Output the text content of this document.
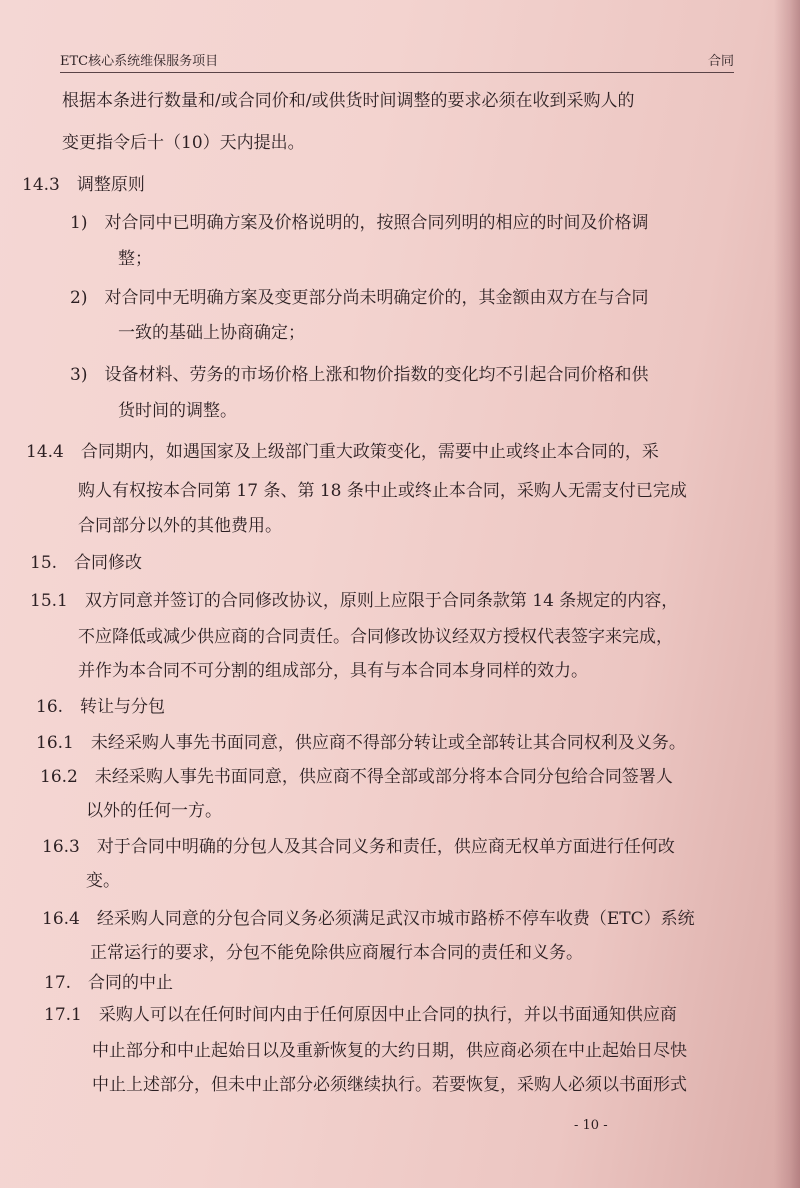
ETC核心系统维保服务项目	合同
根据本条进行数量和/或合同价和/或供货时间调整的要求必须在收到采购人的
变更指令后十（10）天内提出。
14.3　调整原则
1)　对合同中已明确方案及价格说明的，按照合同列明的相应的时间及价格调
整；
2)　对合同中无明确方案及变更部分尚未明确定价的，其金额由双方在与合同
一致的基础上协商确定；
3)　设备材料、劳务的市场价格上涨和物价指数的变化均不引起合同价格和供
货时间的调整。
14.4　合同期内，如遇国家及上级部门重大政策变化，需要中止或终止本合同的，采
购人有权按本合同第 17 条、第 18 条中止或终止本合同，采购人无需支付已完成
合同部分以外的其他费用。
15.　合同修改
15.1　双方同意并签订的合同修改协议，原则上应限于合同条款第 14 条规定的内容，
不应降低或减少供应商的合同责任。合同修改协议经双方授权代表签字来完成，
并作为本合同不可分割的组成部分，具有与本合同本身同样的效力。
16.　转让与分包
16.1　未经采购人事先书面同意，供应商不得部分转让或全部转让其合同权利及义务。
16.2　未经采购人事先书面同意，供应商不得全部或部分将本合同分包给合同签署人
以外的任何一方。
16.3　对于合同中明确的分包人及其合同义务和责任，供应商无权单方面进行任何改
变。
16.4　经采购人同意的分包合同义务必须满足武汉市城市路桥不停车收费（ETC）系统
正常运行的要求，分包不能免除供应商履行本合同的责任和义务。
17.　合同的中止
17.1　采购人可以在任何时间内由于任何原因中止合同的执行，并以书面通知供应商
中止部分和中止起始日以及重新恢复的大约日期，供应商必须在中止起始日尽快
中止上述部分，但未中止部分必须继续执行。若要恢复，采购人必须以书面形式
- 10 -
